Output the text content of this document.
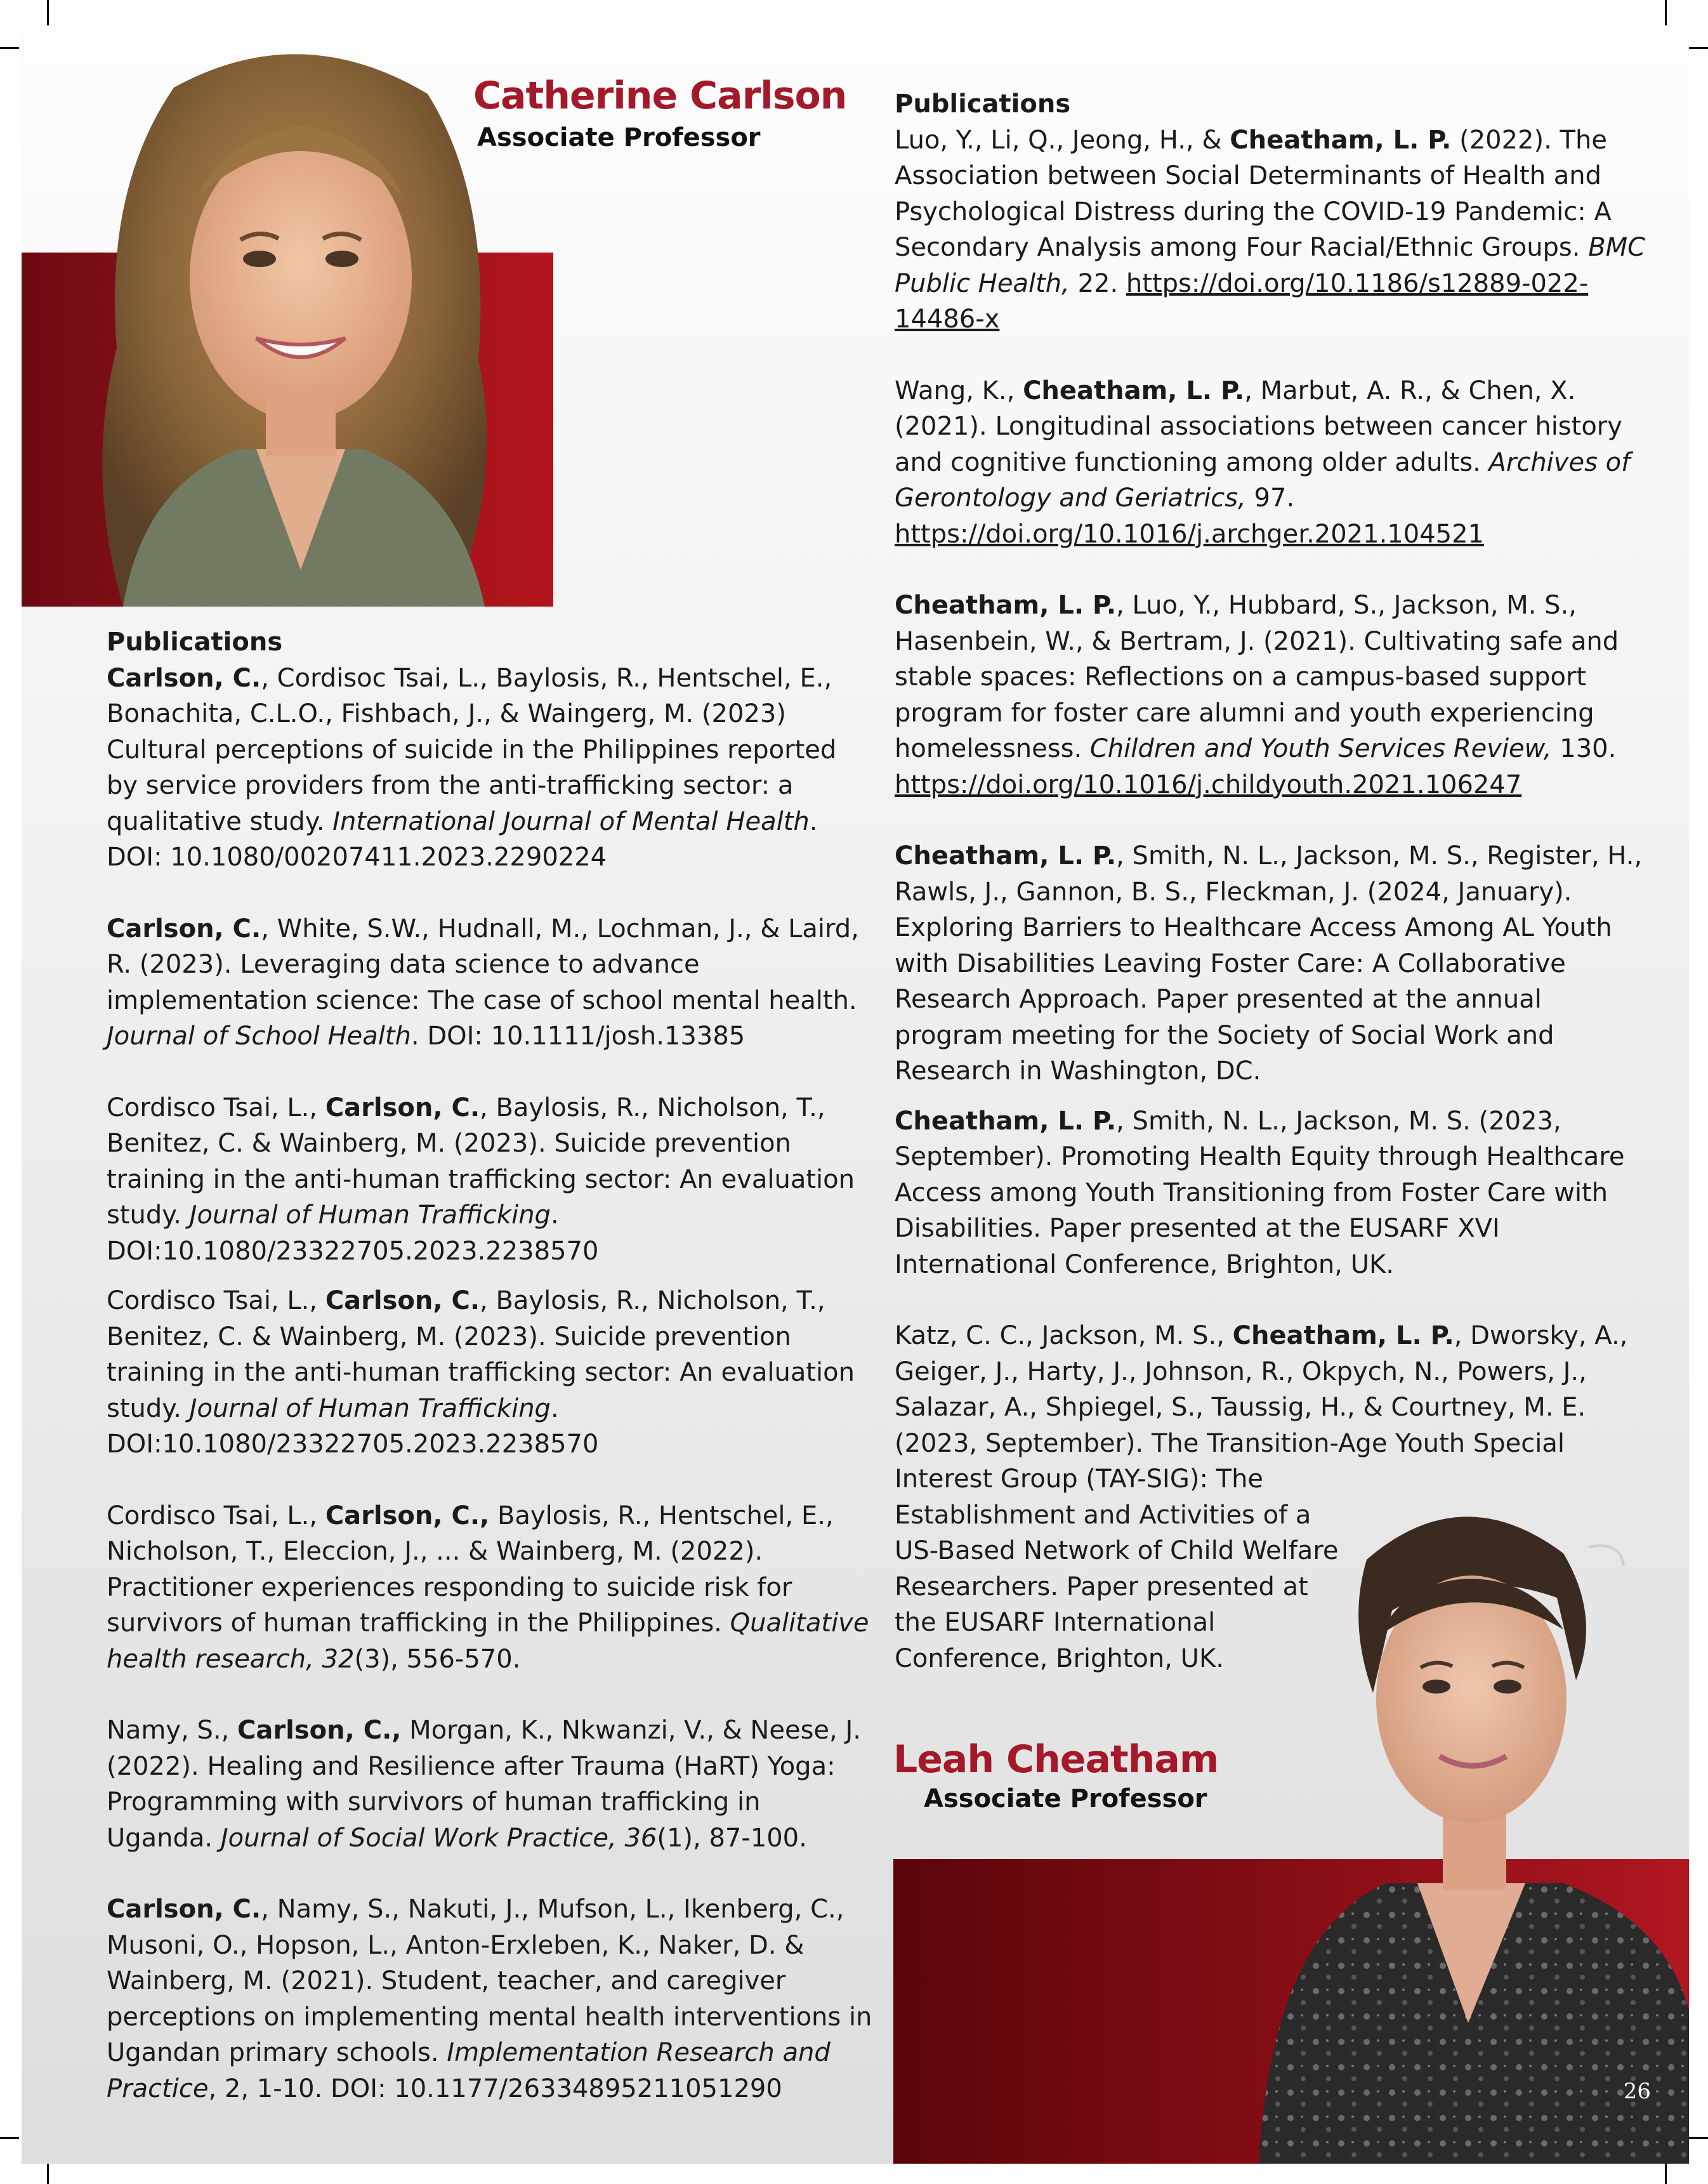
Catherine Carlson
Associate Professor

Publications

Carlson, C., Cordisoc Tsai, L., Baylosis, R., Hentschel, E., Bonachita, C.L.O., Fishbach, J., & Waingerg, M. (2023) Cultural perceptions of suicide in the Philippines reported by service providers from the anti-trafficking sector: a qualitative study. International Journal of Mental Health. DOI: 10.1080/00207411.2023.2290224

Carlson, C., White, S.W., Hudnall, M., Lochman, J., & Laird, R. (2023). Leveraging data science to advance implementation science: The case of school mental health. Journal of School Health. DOI: 10.1111/josh.13385

Cordisco Tsai, L., Carlson, C., Baylosis, R., Nicholson, T., Benitez, C. & Wainberg, M. (2023). Suicide prevention training in the anti-human trafficking sector: An evaluation study. Journal of Human Trafficking. DOI:10.1080/23322705.2023.2238570

Cordisco Tsai, L., Carlson, C., Baylosis, R., Nicholson, T., Benitez, C. & Wainberg, M. (2023). Suicide prevention training in the anti-human trafficking sector: An evaluation study. Journal of Human Trafficking. DOI:10.1080/23322705.2023.2238570

Cordisco Tsai, L., Carlson, C., Baylosis, R., Hentschel, E., Nicholson, T., Eleccion, J., ... & Wainberg, M. (2022). Practitioner experiences responding to suicide risk for survivors of human trafficking in the Philippines. Qualitative health research, 32(3), 556-570.

Namy, S., Carlson, C., Morgan, K., Nkwanzi, V., & Neese, J. (2022). Healing and Resilience after Trauma (HaRT) Yoga: Programming with survivors of human trafficking in Uganda. Journal of Social Work Practice, 36(1), 87-100.

Carlson, C., Namy, S., Nakuti, J., Mufson, L., Ikenberg, C., Musoni, O., Hopson, L., Anton-Erxleben, K., Naker, D. & Wainberg, M. (2021). Student, teacher, and caregiver perceptions on implementing mental health interventions in Ugandan primary schools. Implementation Research and Practice, 2, 1-10. DOI: 10.1177/26334895211051290

Publications

Luo, Y., Li, Q., Jeong, H., & Cheatham, L. P. (2022). The Association between Social Determinants of Health and Psychological Distress during the COVID-19 Pandemic: A Secondary Analysis among Four Racial/Ethnic Groups. BMC Public Health, 22. https://doi.org/10.1186/s12889-022-14486-x

Wang, K., Cheatham, L. P., Marbut, A. R., & Chen, X. (2021). Longitudinal associations between cancer history and cognitive functioning among older adults. Archives of Gerontology and Geriatrics, 97. https://doi.org/10.1016/j.archger.2021.104521

Cheatham, L. P., Luo, Y., Hubbard, S., Jackson, M. S., Hasenbein, W., & Bertram, J. (2021). Cultivating safe and stable spaces: Reflections on a campus-based support program for foster care alumni and youth experiencing homelessness. Children and Youth Services Review, 130. https://doi.org/10.1016/j.childyouth.2021.106247

Cheatham, L. P., Smith, N. L., Jackson, M. S., Register, H., Rawls, J., Gannon, B. S., Fleckman, J. (2024, January). Exploring Barriers to Healthcare Access Among AL Youth with Disabilities Leaving Foster Care: A Collaborative Research Approach. Paper presented at the annual program meeting for the Society of Social Work and Research in Washington, DC.

Cheatham, L. P., Smith, N. L., Jackson, M. S. (2023, September). Promoting Health Equity through Healthcare Access among Youth Transitioning from Foster Care with Disabilities. Paper presented at the EUSARF XVI International Conference, Brighton, UK.

Katz, C. C., Jackson, M. S., Cheatham, L. P., Dworsky, A., Geiger, J., Harty, J., Johnson, R., Okpych, N., Powers, J., Salazar, A., Shpiegel, S., Taussig, H., & Courtney, M. E. (2023, September). The Transition-Age Youth Special

Interest Group (TAY-SIG): The Establishment and Activities of a US-Based Network of Child Welfare Researchers. Paper presented at the EUSARF International Conference, Brighton, UK.

Leah Cheatham
Associate Professor
26
